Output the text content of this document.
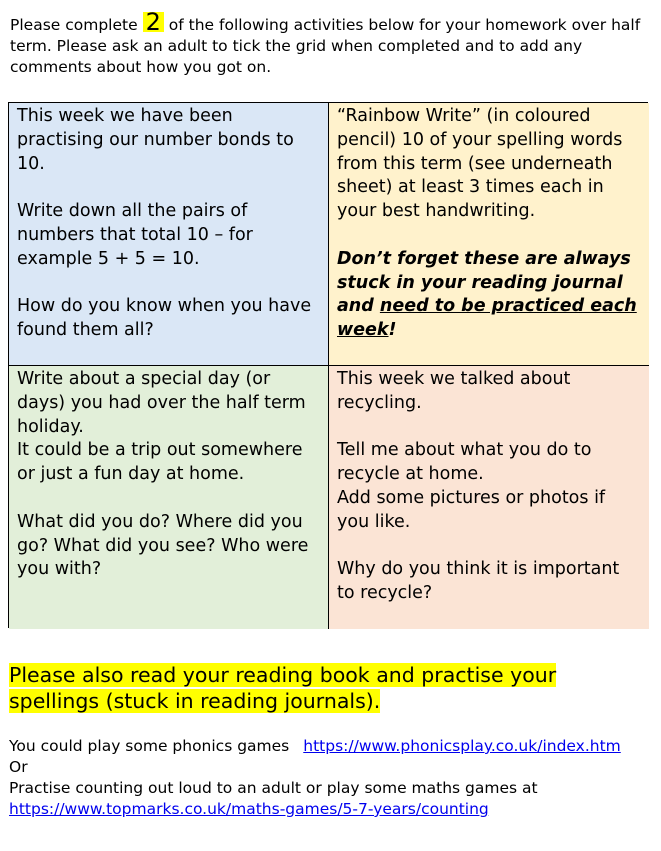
Please complete 2 of the following activities below for your homework over half term. Please ask an adult to tick the grid when completed and to add any comments about how you got on.

This week we have been practising our number bonds to 10.

Write down all the pairs of numbers that total 10 – for example 5 + 5 = 10.

How do you know when you have found them all?

“Rainbow Write” (in coloured pencil) 10 of your spelling words from this term (see underneath sheet) at least 3 times each in your best handwriting.

Don’t forget these are always stuck in your reading journal and need to be practiced each week!

Write about a special day (or days) you had over the half term holiday.
It could be a trip out somewhere or just a fun day at home.

What did you do? Where did you go? What did you see? Who were you with?

This week we talked about recycling.

Tell me about what you do to recycle at home.
Add some pictures or photos if you like.

Why do you think it is important to recycle?

Please also read your reading book and practise your spellings (stuck in reading journals).
You could play some phonics games https://www.phonicsplay.co.uk/index.htm
Or
Practise counting out loud to an adult or play some maths games at
https://www.topmarks.co.uk/maths-games/5-7-years/counting
